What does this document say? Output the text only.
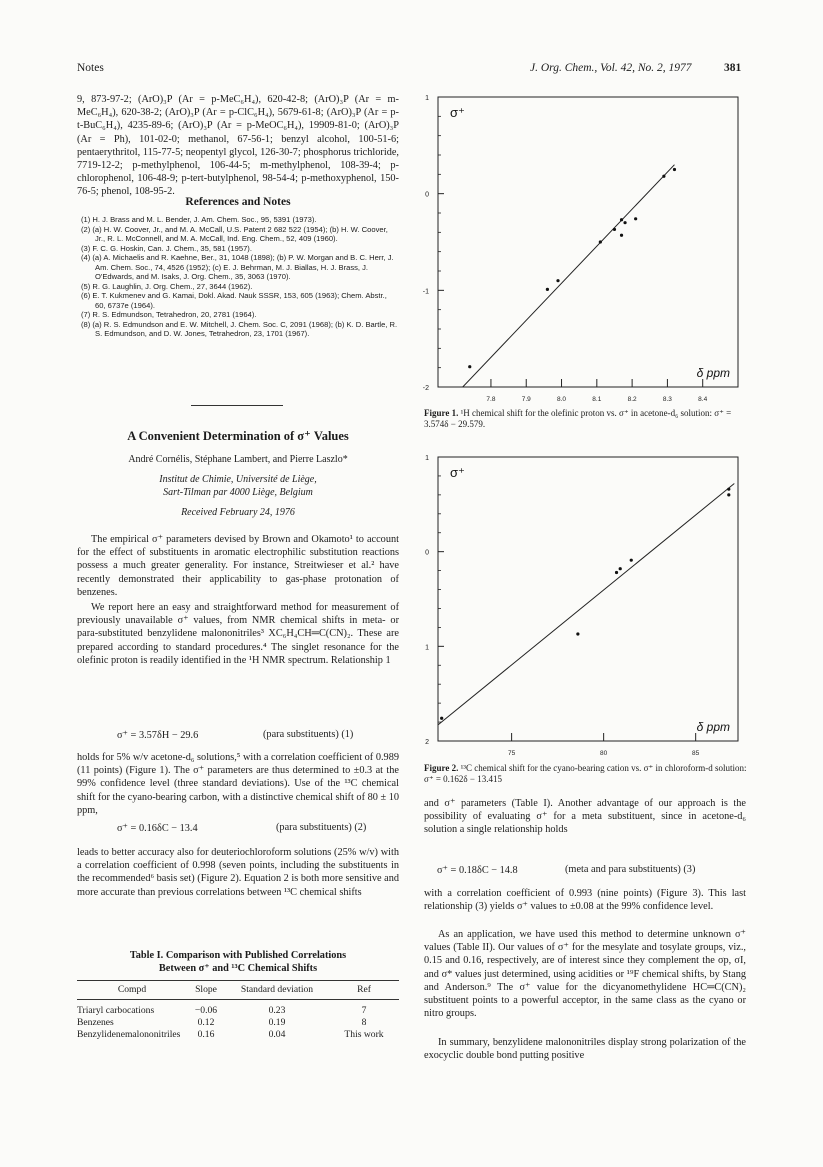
Notes	J. Org. Chem., Vol. 42, No. 2, 1977	381
9, 873-97-2; (ArO)₃P (Ar = p-MeC₆H₄), 620-42-8; (ArO)₃P (Ar = m-MeC₆H₄), 620-38-2; (ArO)₃P (Ar = p-ClC₆H₄), 5679-61-8; (ArO)₃P (Ar = p-t-BuC₆H₄), 4235-89-6; (ArO)₃P (Ar = p-MeOC₆H₄), 19909-81-0; (ArO)₃P (Ar = Ph), 101-02-0; methanol, 67-56-1; benzyl alcohol, 100-51-6; pentaerythritol, 115-77-5; neopentyl glycol, 126-30-7; phosphorus trichloride, 7719-12-2; p-methylphenol, 106-44-5; m-methylphenol, 108-39-4; p-chlorophenol, 106-48-9; p-tert-butylphenol, 98-54-4; p-methoxyphenol, 150-76-5; phenol, 108-95-2.
References and Notes
(1) H. J. Brass and M. L. Bender, J. Am. Chem. Soc., 95, 5391 (1973).
(2) (a) H. W. Coover, Jr., and M. A. McCall, U.S. Patent 2 682 522 (1954); (b) H. W. Coover, Jr., R. L. McConnell, and M. A. McCall, Ind. Eng. Chem., 52, 409 (1960).
(3) F. C. G. Hoskin, Can. J. Chem., 35, 581 (1957).
(4) (a) A. Michaelis and R. Kaehne, Ber., 31, 1048 (1898); (b) P. W. Morgan and B. C. Herr, J. Am. Chem. Soc., 74, 4526 (1952); (c) E. J. Behrman, M. J. Biallas, H. J. Brass, J. O'Edwards, and M. Isaks, J. Org. Chem., 35, 3063 (1970).
(5) R. G. Laughlin, J. Org. Chem., 27, 3644 (1962).
(6) E. T. Kukmenev and G. Kamai, Dokl. Akad. Nauk SSSR, 153, 605 (1963); Chem. Abstr., 60, 6737e (1964).
(7) R. S. Edmundson, Tetrahedron, 20, 2781 (1964).
(8) (a) R. S. Edmundson and E. W. Mitchell, J. Chem. Soc. C, 2091 (1968); (b) K. D. Bartle, R. S. Edmundson, and D. W. Jones, Tetrahedron, 23, 1701 (1967).
A Convenient Determination of σ⁺ Values
André Cornélis, Stéphane Lambert, and Pierre Laszlo*
Institut de Chimie, Université de Liège,
Sart-Tilman par 4000 Liège, Belgium
Received February 24, 1976
The empirical σ⁺ parameters devised by Brown and Okamoto¹ to account for the effect of substituents in aromatic electrophilic substitution reactions possess a much greater generality. For instance, Streitwieser et al.² have recently demonstrated their applicability to gas-phase protonation of benzenes.
We report here an easy and straightforward method for measurement of previously unavailable σ⁺ values, from NMR chemical shifts in meta- or para-substituted benzylidene malononitriles³ XC₆H₄CH═C(CN)₂. These are prepared according to standard procedures.⁴ The singlet resonance for the olefinic proton is readily identified in the ¹H NMR spectrum. Relationship 1
σ⁺ = 3.57δH − 29.6	(para substituents) (1)
holds for 5% w/v acetone-d₆ solutions,⁵ with a correlation coefficient of 0.989 (11 points) (Figure 1). The σ⁺ parameters are thus determined to ±0.3 at the 99% confidence level (three standard deviations). Use of the ¹³C chemical shift for the cyano-bearing carbon, with a distinctive chemical shift of 80 ± 10 ppm,
σ⁺ = 0.16δC − 13.4	(para substituents) (2)
leads to better accuracy also for deuteriochloroform solutions (25% w/v) with a correlation coefficient of 0.998 (seven points, including the substituents in the recommended⁶ basis set) (Figure 2). Equation 2 is both more sensitive and more accurate than previous correlations between ¹³C chemical shifts
Table I. Comparison with Published Correlations
Between σ⁺ and ¹³C Chemical Shifts
Compd	Slope	Standard deviation	Ref
Triaryl carbocations	−0.06	0.23	7
Benzenes	0.12	0.19	8
Benzylidenemalononitriles	0.16	0.04	This work
1
0
-1
-2
7.8	7.9	8.0	8.1	8.2	8.3	8.4
σ⁺
δ ppm
Figure 1. ¹H chemical shift for the olefinic proton vs. σ⁺ in acetone-d₆ solution: σ⁺ = 3.574δ − 29.579.
1
0
1
2
75	80	85
σ⁺
δ ppm
Figure 2. ¹³C chemical shift for the cyano-bearing cation vs. σ⁺ in chloroform-d solution: σ⁺ = 0.162δ − 13.415
and σ⁺ parameters (Table I). Another advantage of our approach is the possibility of evaluating σ⁺ for a meta substituent, since in acetone-d₆ solution a single relationship holds
σ⁺ = 0.18δC − 14.8	(meta and para substituents) (3)
with a correlation coefficient of 0.993 (nine points) (Figure 3). This last relationship (3) yields σ⁺ values to ±0.08 at the 99% confidence level.
As an application, we have used this method to determine unknown σ⁺ values (Table II). Our values of σ⁺ for the mesylate and tosylate groups, viz., 0.15 and 0.16, respectively, are of interest since they complement the σp, σI, and σ* values just determined, using acidities or ¹⁹F chemical shifts, by Stang and Anderson.⁹ The σ⁺ value for the dicyanomethylidene HC═C(CN)₂ substituent points to a powerful acceptor, in the same class as the cyano or nitro groups.
In summary, benzylidene malononitriles display strong polarization of the exocyclic double bond putting positive
